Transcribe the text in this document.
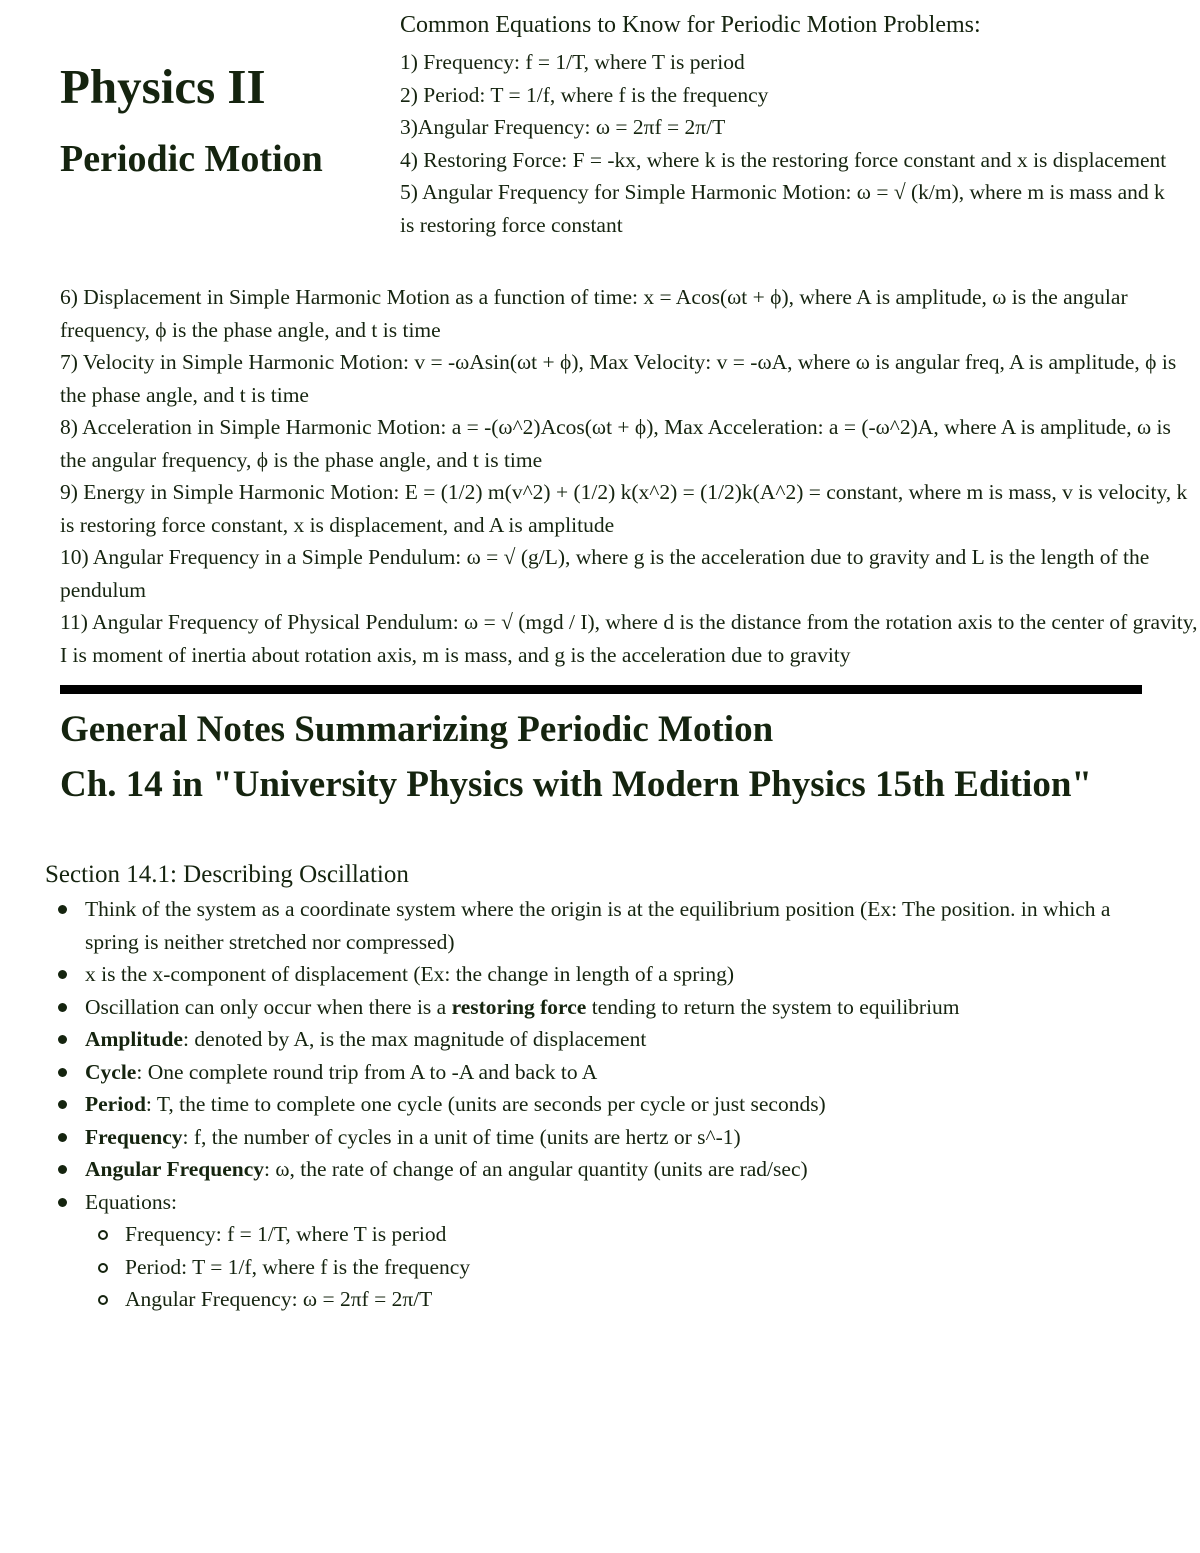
Physics II
Periodic Motion
Common Equations to Know for Periodic Motion Problems:
1) Frequency: f = 1/T, where T is period
2) Period: T = 1/f, where f is the frequency
3)Angular Frequency: ω = 2πf = 2π/T
4) Restoring Force: F = -kx, where k is the restoring force constant and x is displacement
5) Angular Frequency for Simple Harmonic Motion: ω = √ (k/m), where m is mass and k is restoring force constant
6) Displacement in Simple Harmonic Motion as a function of time: x = Acos(ωt + ϕ), where A is amplitude, ω is the angular frequency, ϕ is the phase angle, and t is time
7) Velocity in Simple Harmonic Motion: v = -ωAsin(ωt + ϕ), Max Velocity: v = -ωA, where ω is angular freq, A is amplitude, ϕ is the phase angle, and t is time
8) Acceleration in Simple Harmonic Motion: a = -(ω^2)Acos(ωt + ϕ), Max Acceleration: a = (-ω^2)A, where A is amplitude, ω is the angular frequency, ϕ is the phase angle, and t is time
9) Energy in Simple Harmonic Motion: E = (1/2) m(v^2) + (1/2) k(x^2) = (1/2)k(A^2) = constant, where m is mass, v is velocity, k is restoring force constant, x is displacement, and A is amplitude
10) Angular Frequency in a Simple Pendulum: ω = √ (g/L), where g is the acceleration due to gravity and L is the length of the pendulum
11) Angular Frequency of Physical Pendulum: ω = √ (mgd / I), where d is the distance from the rotation axis to the center of gravity, I is moment of inertia about rotation axis, m is mass, and g is the acceleration due to gravity
General Notes Summarizing Periodic Motion
Ch. 14 in "University Physics with Modern Physics 15th Edition"
Section 14.1: Describing Oscillation
Think of the system as a coordinate system where the origin is at the equilibrium position (Ex: The position. in which a spring is neither stretched nor compressed)
x is the x-component of displacement (Ex: the change in length of a spring)
Oscillation can only occur when there is a restoring force tending to return the system to equilibrium
Amplitude: denoted by A, is the max magnitude of displacement
Cycle: One complete round trip from A to -A and back to A
Period: T, the time to complete one cycle (units are seconds per cycle or just seconds)
Frequency: f, the number of cycles in a unit of time (units are hertz or s^-1)
Angular Frequency: ω, the rate of change of an angular quantity (units are rad/sec)
Equations:
Frequency: f = 1/T, where T is period
Period: T = 1/f, where f is the frequency
Angular Frequency: ω = 2πf = 2π/T
